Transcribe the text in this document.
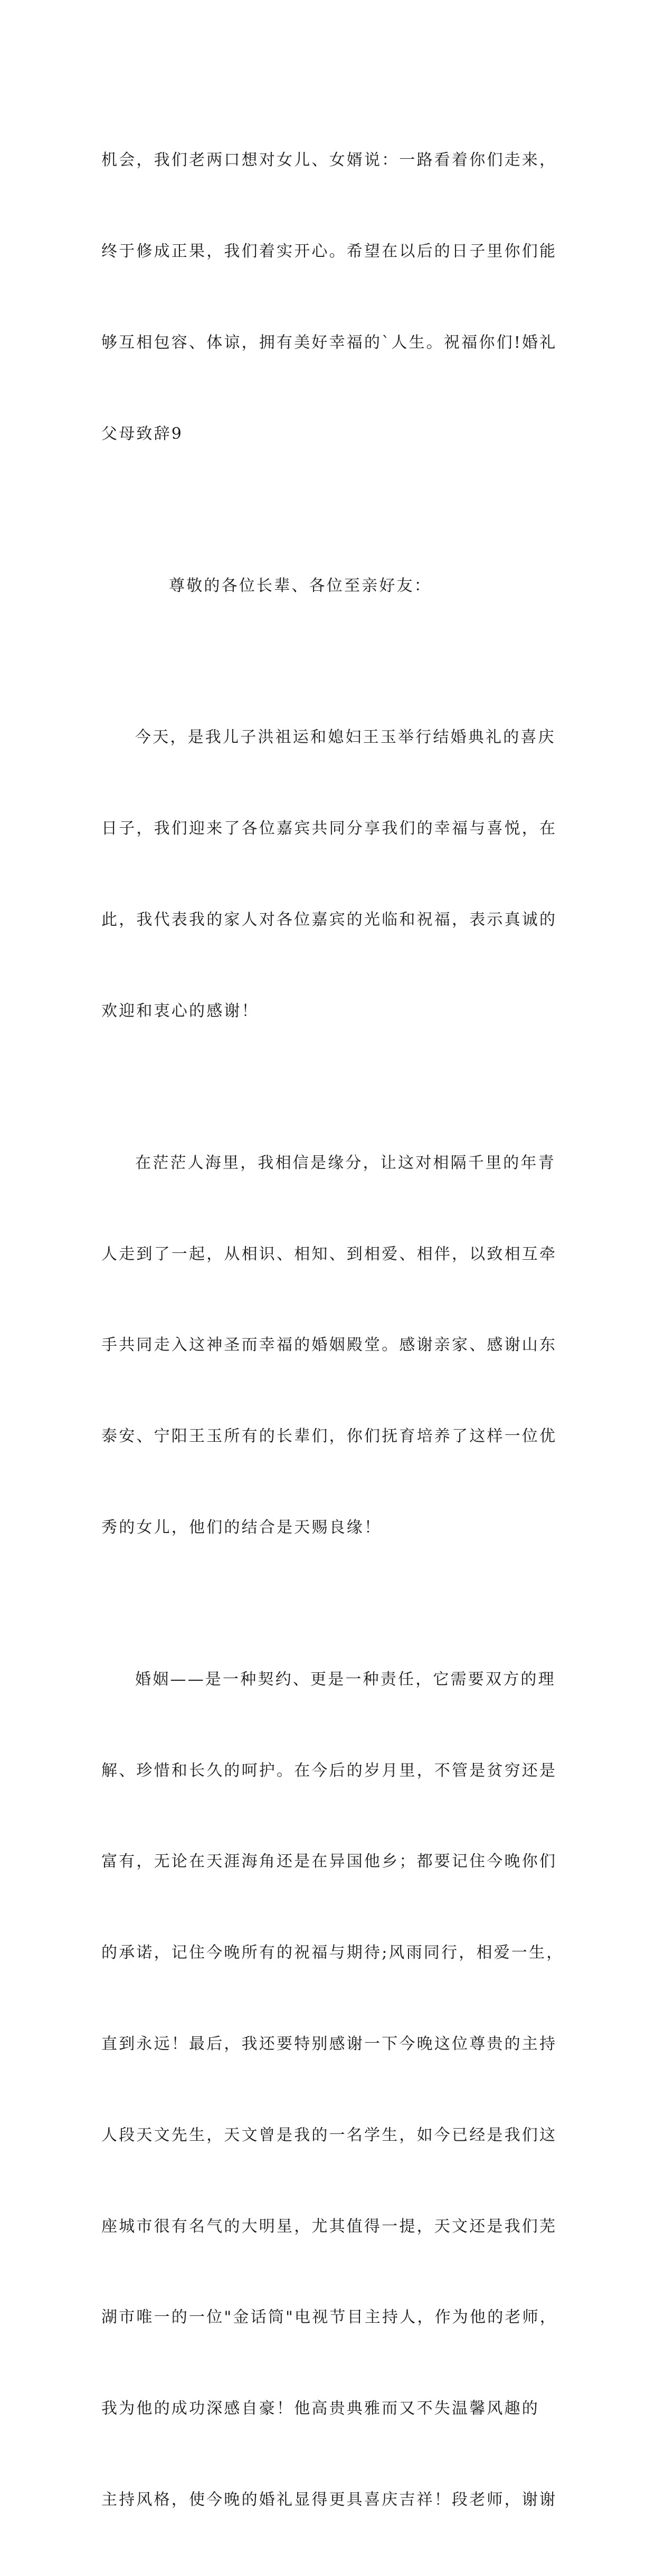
机会，我们老两口想对女儿、女婿说：一路看着你们走来，

终于修成正果，我们着实开心。希望在以后的日子里你们能

够互相包容、体谅，拥有美好幸福的`人生。祝福你们!婚礼

父母致辞9

尊敬的各位长辈、各位至亲好友：

今天，是我儿子洪祖运和媳妇王玉举行结婚典礼的喜庆

日子，我们迎来了各位嘉宾共同分享我们的幸福与喜悦，在

此，我代表我的家人对各位嘉宾的光临和祝福，表示真诚的

欢迎和衷心的感谢！

在茫茫人海里，我相信是缘分，让这对相隔千里的年青

人走到了一起，从相识、相知、到相爱、相伴，以致相互牵

手共同走入这神圣而幸福的婚姻殿堂。感谢亲家、感谢山东

泰安、宁阳王玉所有的长辈们，你们抚育培养了这样一位优

秀的女儿，他们的结合是天赐良缘！

婚姻——是一种契约、更是一种责任，它需要双方的理

解、珍惜和长久的呵护。在今后的岁月里，不管是贫穷还是

富有，无论在天涯海角还是在异国他乡；都要记住今晚你们

的承诺，记住今晚所有的祝福与期待;风雨同行，相爱一生，

直到永远！最后，我还要特别感谢一下今晚这位尊贵的主持

人段天文先生，天文曾是我的一名学生，如今已经是我们这

座城市很有名气的大明星，尤其值得一提，天文还是我们芜

湖市唯一的一位"金话筒"电视节目主持人，作为他的老师，

我为他的成功深感自豪！他高贵典雅而又不失温馨风趣的

主持风格，使今晚的婚礼显得更具喜庆吉祥！段老师，谢谢
